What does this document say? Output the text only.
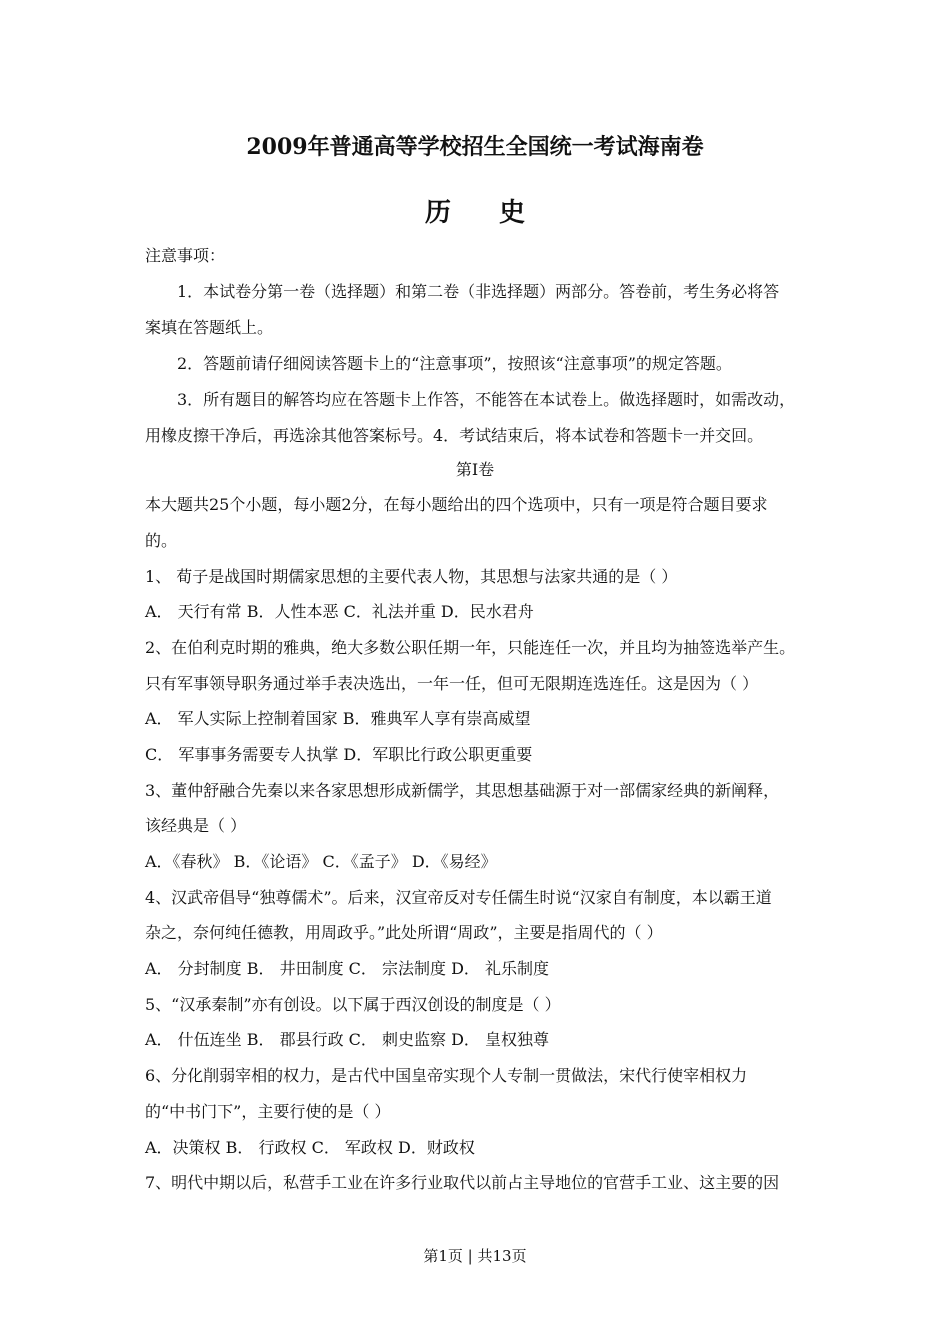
2009年普通高等学校招生全国统一考试海南卷
历史
注意事项：
1．本试卷分第一卷（选择题）和第二卷（非选择题）两部分。答卷前，考生务必将答
案填在答题纸上。
2．答题前请仔细阅读答题卡上的“注意事项”，按照该“注意事项”的规定答题。
3．所有题目的解答均应在答题卡上作答，不能答在本试卷上。做选择题时，如需改动，
用橡皮擦干净后，再选涂其他答案标号。4．考试结束后，将本试卷和答题卡一并交回。
第Ⅰ卷
本大题共25个小题，每小题2分，在每小题给出的四个选项中，只有一项是符合题目要求
的。
1、 荀子是战国时期儒家思想的主要代表人物，其思想与法家共通的是（ ）
A． 天行有常 B．人性本恶 C．礼法并重 D．民水君舟
2、在伯利克时期的雅典，绝大多数公职任期一年，只能连任一次，并且均为抽签选举产生。
只有军事领导职务通过举手表决选出，一年一任，但可无限期连选连任。这是因为（ ）
A． 军人实际上控制着国家 B．雅典军人享有崇高威望
C． 军事事务需要专人执掌 D．军职比行政公职更重要
3、董仲舒融合先秦以来各家思想形成新儒学，其思想基础源于对一部儒家经典的新阐释，
该经典是（ ）
A．《春秋》 B．《论语》 C．《孟子》 D．《易经》
4、汉武帝倡导“独尊儒术”。后来，汉宣帝反对专任儒生时说“汉家自有制度，本以霸王道
杂之，奈何纯任德教，用周政乎。”此处所谓“周政”，主要是指周代的（ ）
A． 分封制度 B． 井田制度 C． 宗法制度 D． 礼乐制度
5、“汉承秦制”亦有创设。以下属于西汉创设的制度是（ ）
A． 什伍连坐 B． 郡县行政 C． 刺史监察 D． 皇权独尊
6、分化削弱宰相的权力，是古代中国皇帝实现个人专制一贯做法，宋代行使宰相权力
的“中书门下”，主要行使的是（ ）
A．决策权 B． 行政权 C． 军政权 D．财政权
7、明代中期以后，私营手工业在许多行业取代以前占主导地位的官营手工业、这主要的因
第1页 | 共13页
